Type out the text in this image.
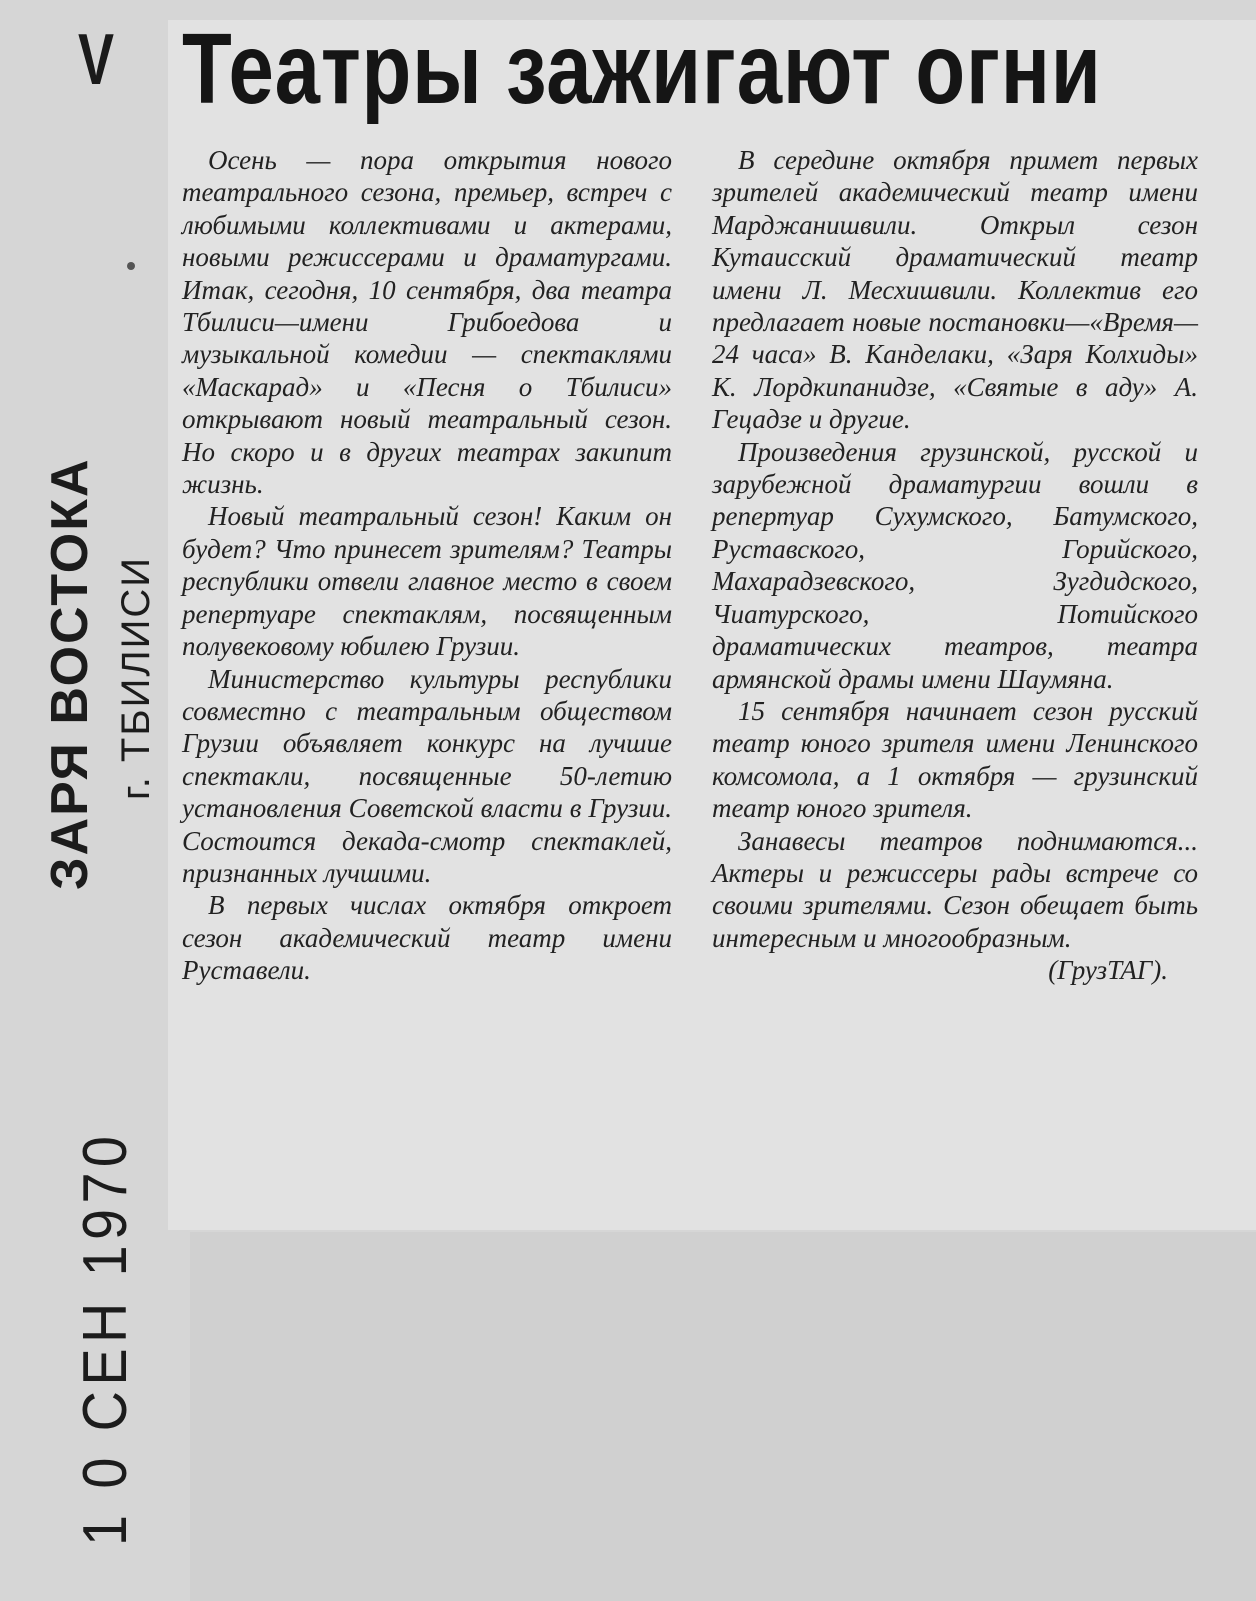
V Театры зажигают огни

Осень — пора открытия нового театрального сезона, премьер, встреч с любимыми коллективами и актерами, новыми режиссерами и драматургами. Итак, сегодня, 10 сентября, два театра Тбилиси—имени Грибоедова и музыкальной комедии — спектаклями «Маскарад» и «Песня о Тбилиси» открывают новый театральный сезон. Но скоро и в других театрах закипит жизнь.

Новый театральный сезон! Каким он будет? Что принесет зрителям? Театры республики отвели главное место в своем репертуаре спектаклям, посвященным полувековому юбилею Грузии.

Министерство культуры республики совместно с театральным обществом Грузии объявляет конкурс на лучшие спектакли, посвященные 50-летию установления Советской власти в Грузии. Состоится декада-смотр спектаклей, признанных лучшими.

В первых числах октября откроет сезон академический театр имени Руставели.

В середине октября примет первых зрителей академический театр имени Марджанишвили. Открыл сезон Кутаисский драматический театр имени Л. Месхишвили. Коллектив его предлагает новые постановки—«Время—24 часа» В. Канделаки, «Заря Колхиды» К. Лордкипанидзе, «Святые в аду» А. Гецадзе и другие.

Произведения грузинской, русской и зарубежной драматургии вошли в репертуар Сухумского, Батумского, Руставского, Горийского, Махарадзевского, Зугдидского, Чиатурского, Потийского драматических театров, театра армянской драмы имени Шаумяна.

15 сентября начинает сезон русский театр юного зрителя имени Ленинского комсомола, а 1 октября — грузинский театр юного зрителя.

Занавесы театров поднимаются... Актеры и режиссеры рады встрече со своими зрителями. Сезон обещает быть интересным и многообразным.

(ГрузТАГ).

ЗАРЯ ВОСТОКА г. ТБИЛИСИ
1 0 СЕН 1970
